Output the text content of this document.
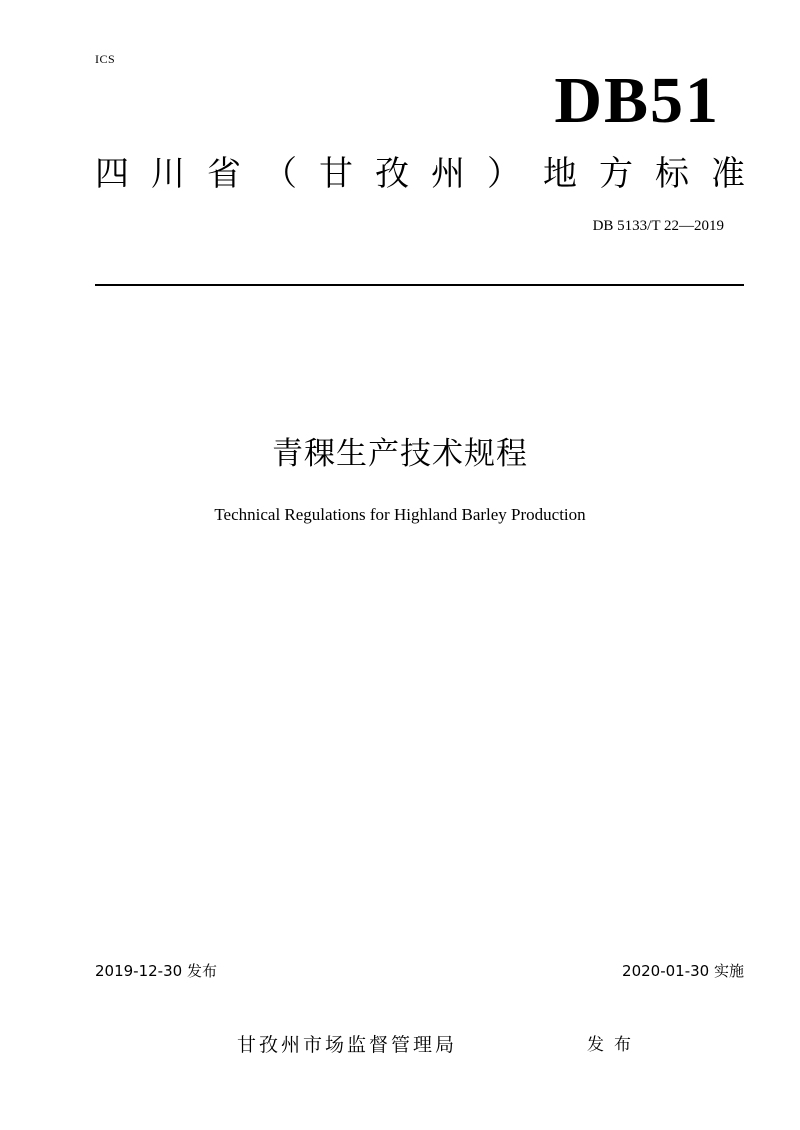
ICS
DB51
四 川 省 （ 甘 孜 州 ） 地 方 标 准
DB 5133/T 22—2019
青稞生产技术规程
Technical Regulations for Highland Barley Production
2019-12-30 发布	2020-01-30 实施
甘孜州市场监督管理局	发布
